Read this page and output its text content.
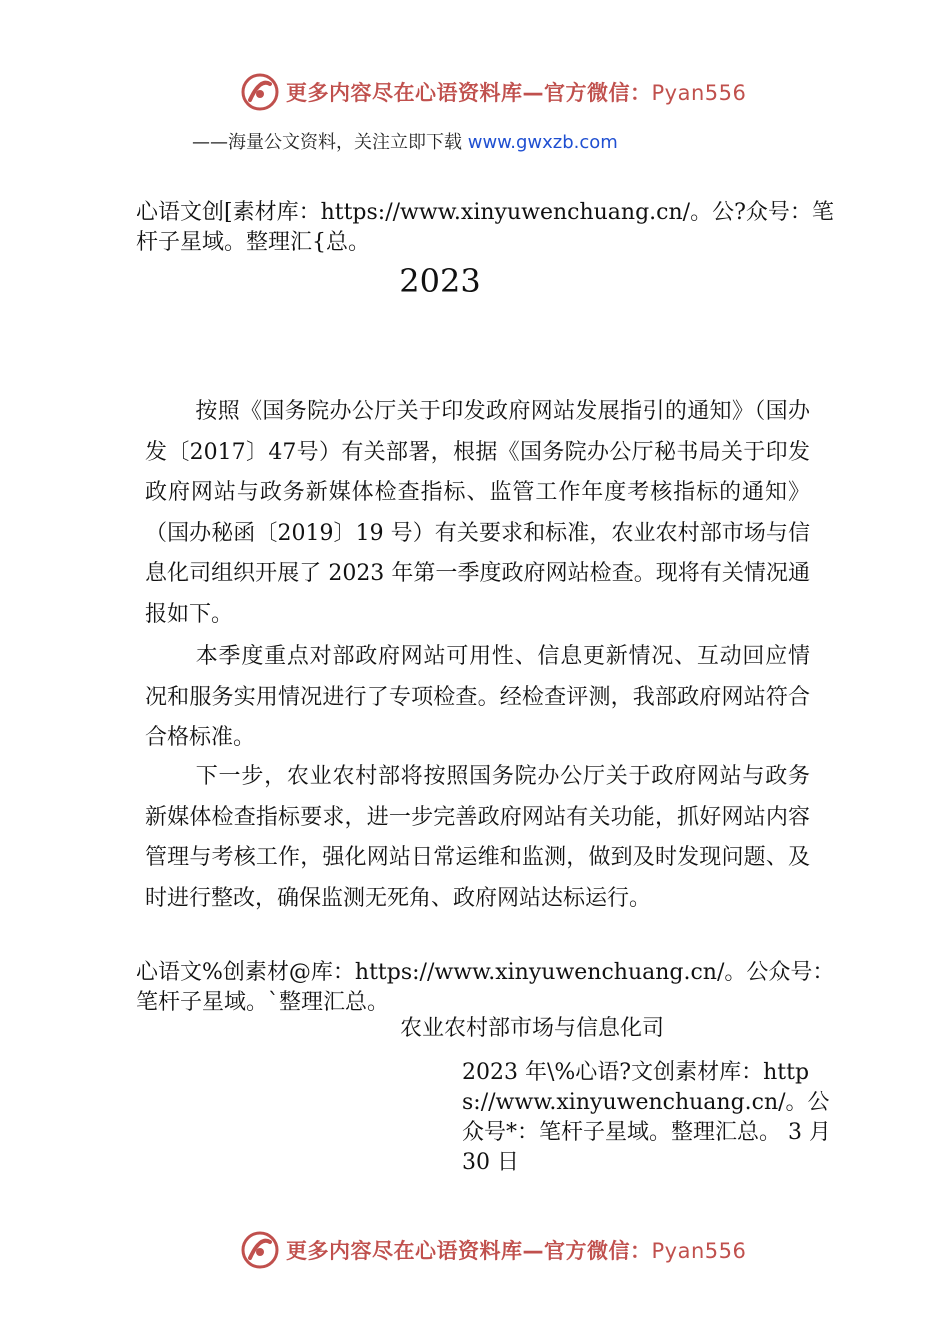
更多内容尽在心语资料库—官方微信：Pyan556
——海量公文资料，关注立即下载 www.gwxzb.com
心语文创[素材库：https://www.xinyuwenchuang.cn/。公?众号：笔杆子星域。整理汇{总。
2023
按照《国务院办公厅关于印发政府网站发展指引的通知》（国办发〔2017〕47号）有关部署，根据《国务院办公厅秘书局关于印发政府网站与政务新媒体检查指标、监管工作年度考核指标的通知》（国办秘函〔2019〕19 号）有关要求和标准，农业农村部市场与信息化司组织开展了 2023 年第一季度政府网站检查。现将有关情况通报如下。
本季度重点对部政府网站可用性、信息更新情况、互动回应情况和服务实用情况进行了专项检查。经检查评测，我部政府网站符合合格标准。
下一步，农业农村部将按照国务院办公厅关于政府网站与政务新媒体检查指标要求，进一步完善政府网站有关功能，抓好网站内容管理与考核工作，强化网站日常运维和监测，做到及时发现问题、及时进行整改，确保监测无死角、政府网站达标运行。
心语文%创素材@库：https://www.xinyuwenchuang.cn/。公众号：笔杆子星域。`整理汇总。
农业农村部市场与信息化司
2023 年\%心语?文创素材库：https://www.xinyuwenchuang.cn/。公众号*：笔杆子星域。整理汇总。 3 月 30 日
更多内容尽在心语资料库—官方微信：Pyan556
